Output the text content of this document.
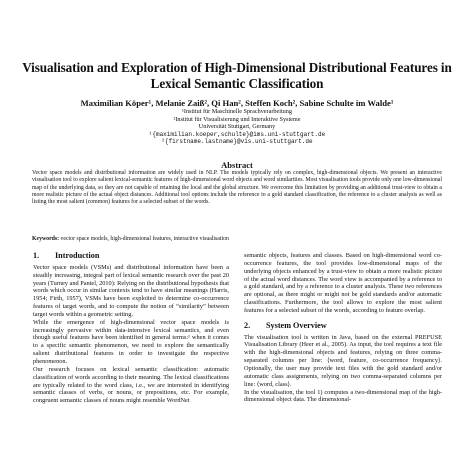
Visualisation and Exploration of High-Dimensional Distributional Features in
Lexical Semantic Classification
Maximilian Köper¹, Melanie Zaiß², Qi Han², Steffen Koch², Sabine Schulte im Walde¹
¹Institut für Maschinelle Sprachverarbeitung
²Institut für Visualisierung und Interaktive Systeme
Universität Stuttgart, Germany
¹{maximilian.koeper,schulte}@ims.uni-stuttgart.de
²{firstname.lastname}@vis.uni-stuttgart.de
Abstract
Vector space models and distributional information are widely used in NLP. The models typically rely on complex, high-dimensional objects. We present an interactive visualisation tool to explore salient lexical-semantic features of high-dimensional word objects and word similarities. Most visualisation tools provide only one low-dimensional map of the underlying data, so they are not capable of retaining the local and the global structure. We overcome this limitation by providing an additional trust-view to obtain a more realistic picture of the actual object distances. Additional tool options include the reference to a gold standard classification, the reference to a cluster analysis as well as listing the most salient (common) features for a selected subset of the words.
Keywords: vector space models, high-dimensional features, interactive visualisation
1. Introduction

Vector space models (VSMs) and distributional information have been a steadily increasing, integral part of lexical semantic research over the past 20 years (Turney and Pantel, 2010): Relying on the distributional hypothesis that words which occur in similar contexts tend to have similar meanings (Harris, 1954; Firth, 1957), VSMs have been exploited to determine co-occurrence features of target words, and to compute the notion of “similarity” between target words within a geometric setting.

While the emergence of high-dimensional vector space models is increasingly pervasive within data-intensive lexical semantics, and even though useful features have been identified in general terms:¹ when it comes to a specific semantic phenomenon, we need to explore the semantically salient distributional features in order to investigate the respective phenomenon.

Our research focuses on lexical semantic classification: automatic classification of words according to their meaning. The lexical classifications are typically related to the word class, i.e., we are interested in identifying semantic classes of verbs, or nouns, or prepositions, etc. For example, congruent semantic classes of nouns might resemble WordNet

semantic objects, features and classes. Based on high-dimensional word co-occurrence features, the tool provides low-dimensional maps of the underlying objects enhanced by a trust-view to obtain a more realistic picture of the actual word distances. The word view is accompanied by a reference to a gold standard, and by a reference to a cluster analysis. These two references are optional, as there might or might not be gold standards and/or automatic classifications. Furthermore, the tool allows to explore the most salient features for a selected subset of the words, according to feature overlap.

2. System Overview

The visualisation tool is written in Java, based on the external PREFUSE Visualisation Library (Heer et al., 2005). As input, the tool requires a text file with the high-dimensional objects and features, relying on three comma-separated columns per line: ⟨word, feature, co-occurrence frequency⟩. Optionally, the user may provide text files with the gold standard and/or automatic class assignments, relying on two comma-separated columns per line: ⟨word, class⟩.

In the visualisation, the tool 1) computes a two-dimensional map of the high-dimensional object data. The dimensional-
